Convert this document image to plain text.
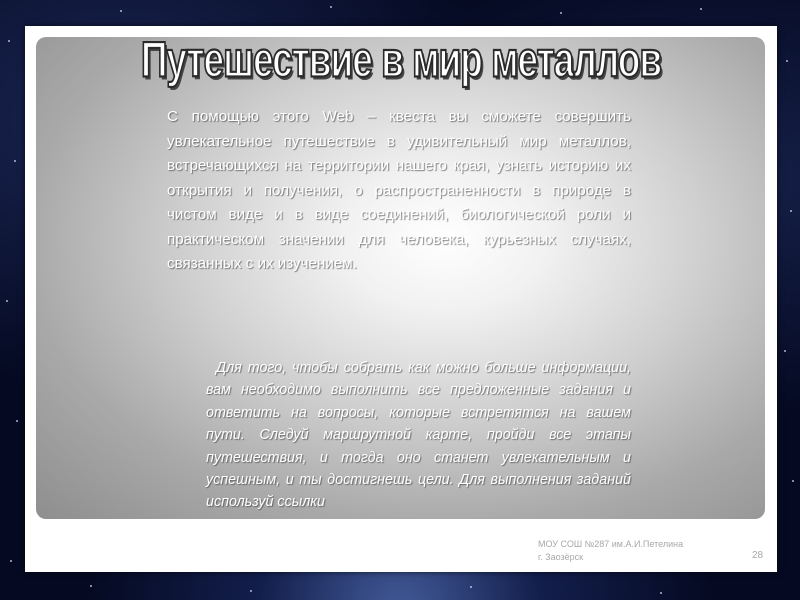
С помощью этого Web – квеста вы сможете совершить увлекательное путешествие в удивительный мир металлов, встречающихся на территории нашего края, узнать историю их открытия и получения, о распространенности в природе в чистом виде и в виде соединений, биологической роли и практическом значении для человека, курьезных случаях, связанных с их изучением.
Для того, чтобы собрать как можно больше информации, вам необходимо выполнить все предложенные задания и ответить на вопросы, которые встретятся на вашем пути. Следуй маршрутной карте, пройди все этапы путешествия, и тогда оно станет увлекательным и успешным, и ты достигнешь цели. Для выполнения заданий используй ссылки
Путешествие в мир металлов
МОУ СОШ №287 им.А.И.Петелина
г. Заозёрск	28
